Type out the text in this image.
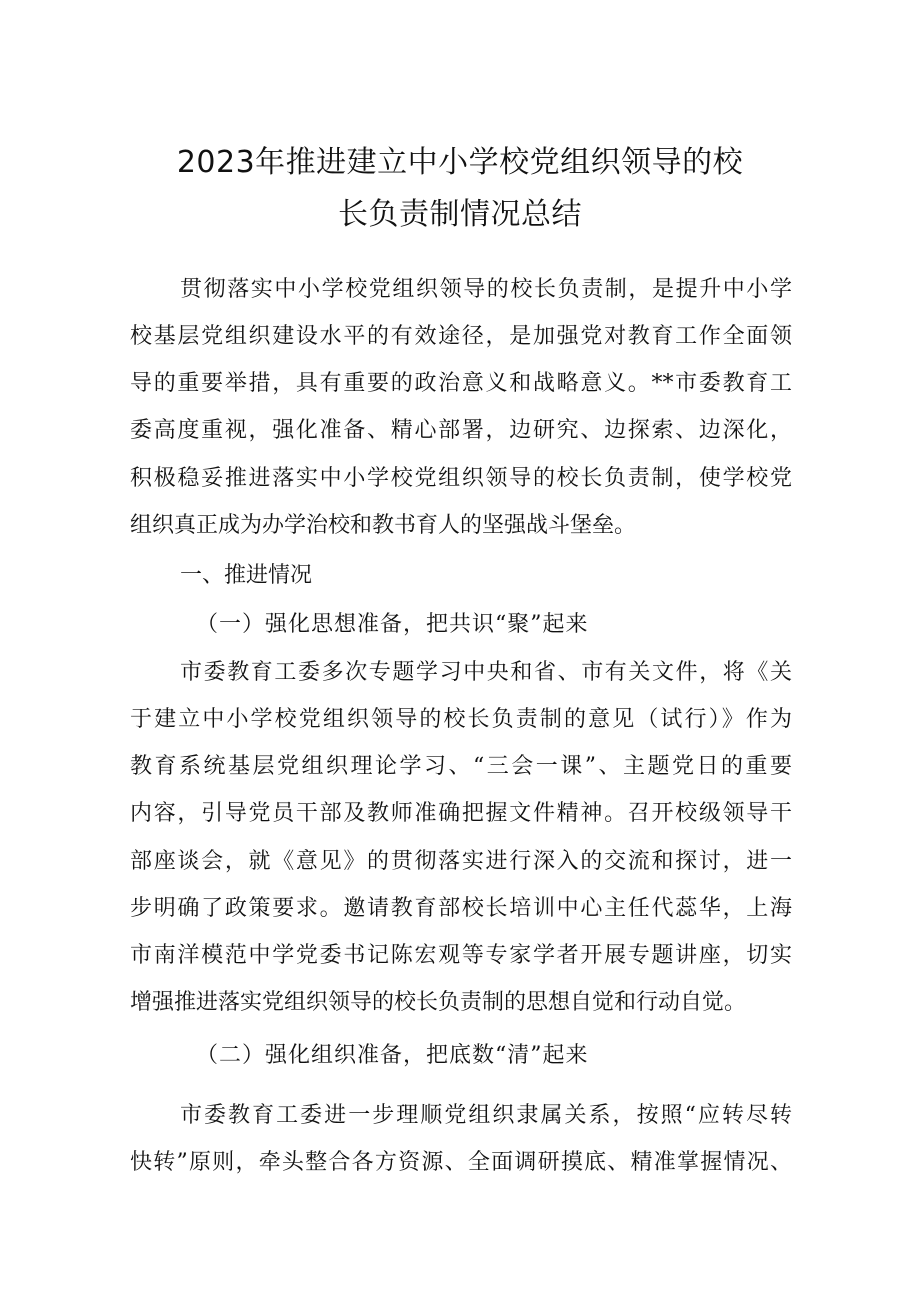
2023年推进建立中小学校党组织领导的校
长负责制情况总结
贯彻落实中小学校党组织领导的校长负责制，是提升中小学
校基层党组织建设水平的有效途径，是加强党对教育工作全面领
导的重要举措，具有重要的政治意义和战略意义。**市委教育工
委高度重视，强化准备、精心部署，边研究、边探索、边深化，
积极稳妥推进落实中小学校党组织领导的校长负责制，使学校党
组织真正成为办学治校和教书育人的坚强战斗堡垒。
一、推进情况
（一）强化思想准备，把共识“聚”起来
市委教育工委多次专题学习中央和省、市有关文件，将《关
于建立中小学校党组织领导的校长负责制的意见（试行）》作为
教育系统基层党组织理论学习、“三会一课”、主题党日的重要
内容，引导党员干部及教师准确把握文件精神。召开校级领导干
部座谈会，就《意见》的贯彻落实进行深入的交流和探讨，进一
步明确了政策要求。邀请教育部校长培训中心主任代蕊华，上海
市南洋模范中学党委书记陈宏观等专家学者开展专题讲座，切实
增强推进落实党组织领导的校长负责制的思想自觉和行动自觉。
（二）强化组织准备，把底数“清”起来
市委教育工委进一步理顺党组织隶属关系，按照“应转尽转
快转”原则，牵头整合各方资源、全面调研摸底、精准掌握情况、
